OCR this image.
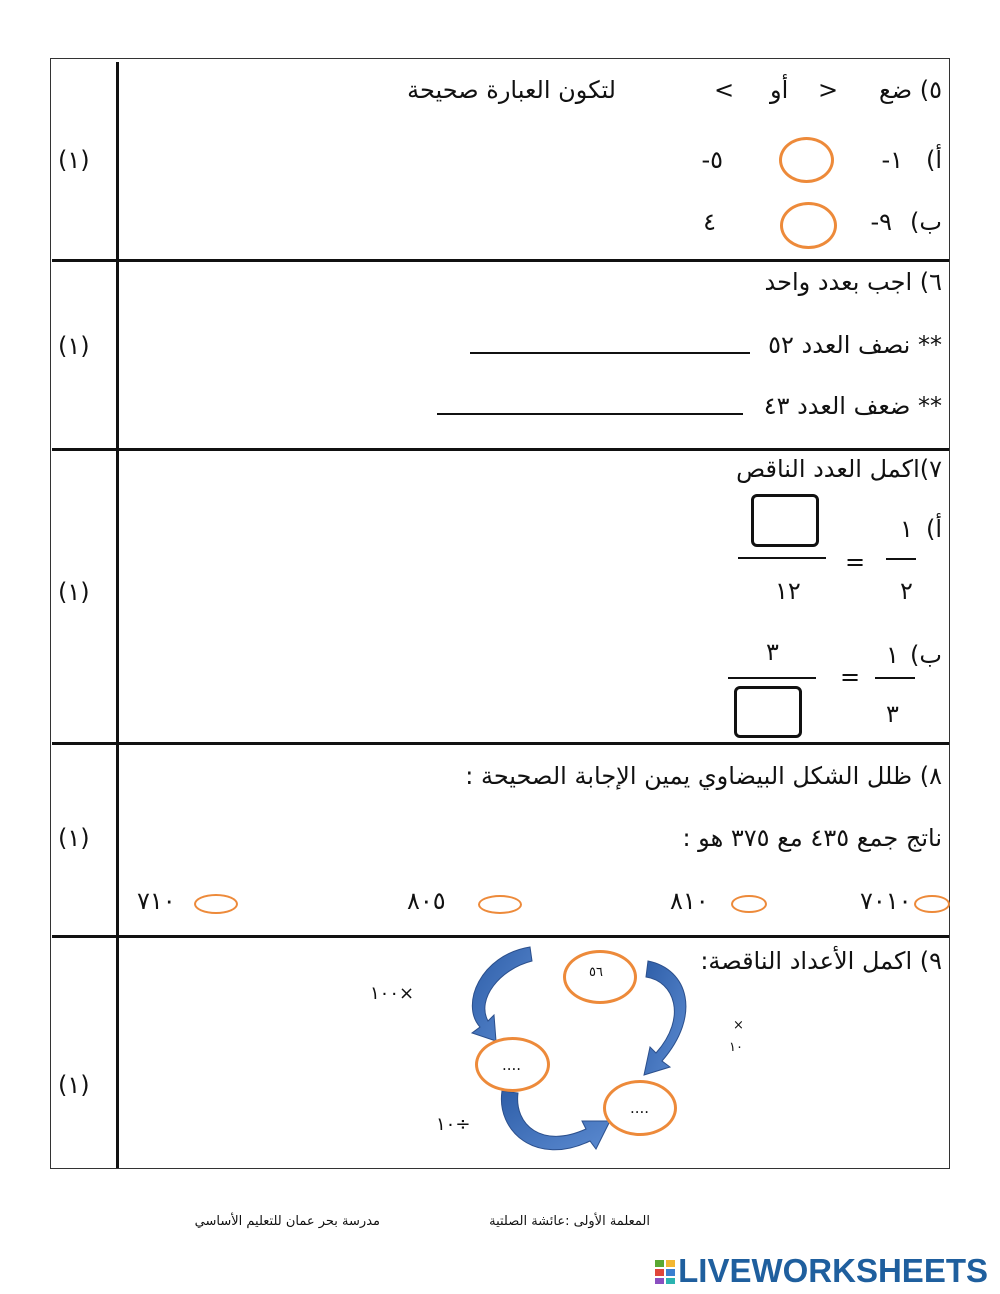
(١)
(١)
(١)
(١)
(١)
٥) ضع
>
أو
<
لتكون العبارة صحيحة
أ)
-١
-٥
ب)
-٩
٤
٦) اجب بعدد واحد
** نصف العدد ٥٢
** ضعف العدد ٤٣
٧)اكمل العدد الناقص
أ)
١
٢
=
١٢
ب)
١
٣
=
٣
٨) ظلل الشكل البيضاوي يمين الإجابة الصحيحة :
ناتج جمع ٤٣٥ مع ٣٧٥ هو :
٧٠١٠
٨١٠
٨٠٥
٧١٠
٩) اكمل الأعداد الناقصة:
٥٦
....
....
١٠٠×
×
١٠
١٠÷
المعلمة الأولى :عائشة الصلتية
مدرسة بحر عمان للتعليم الأساسي
LIVEWORKSHEETS
